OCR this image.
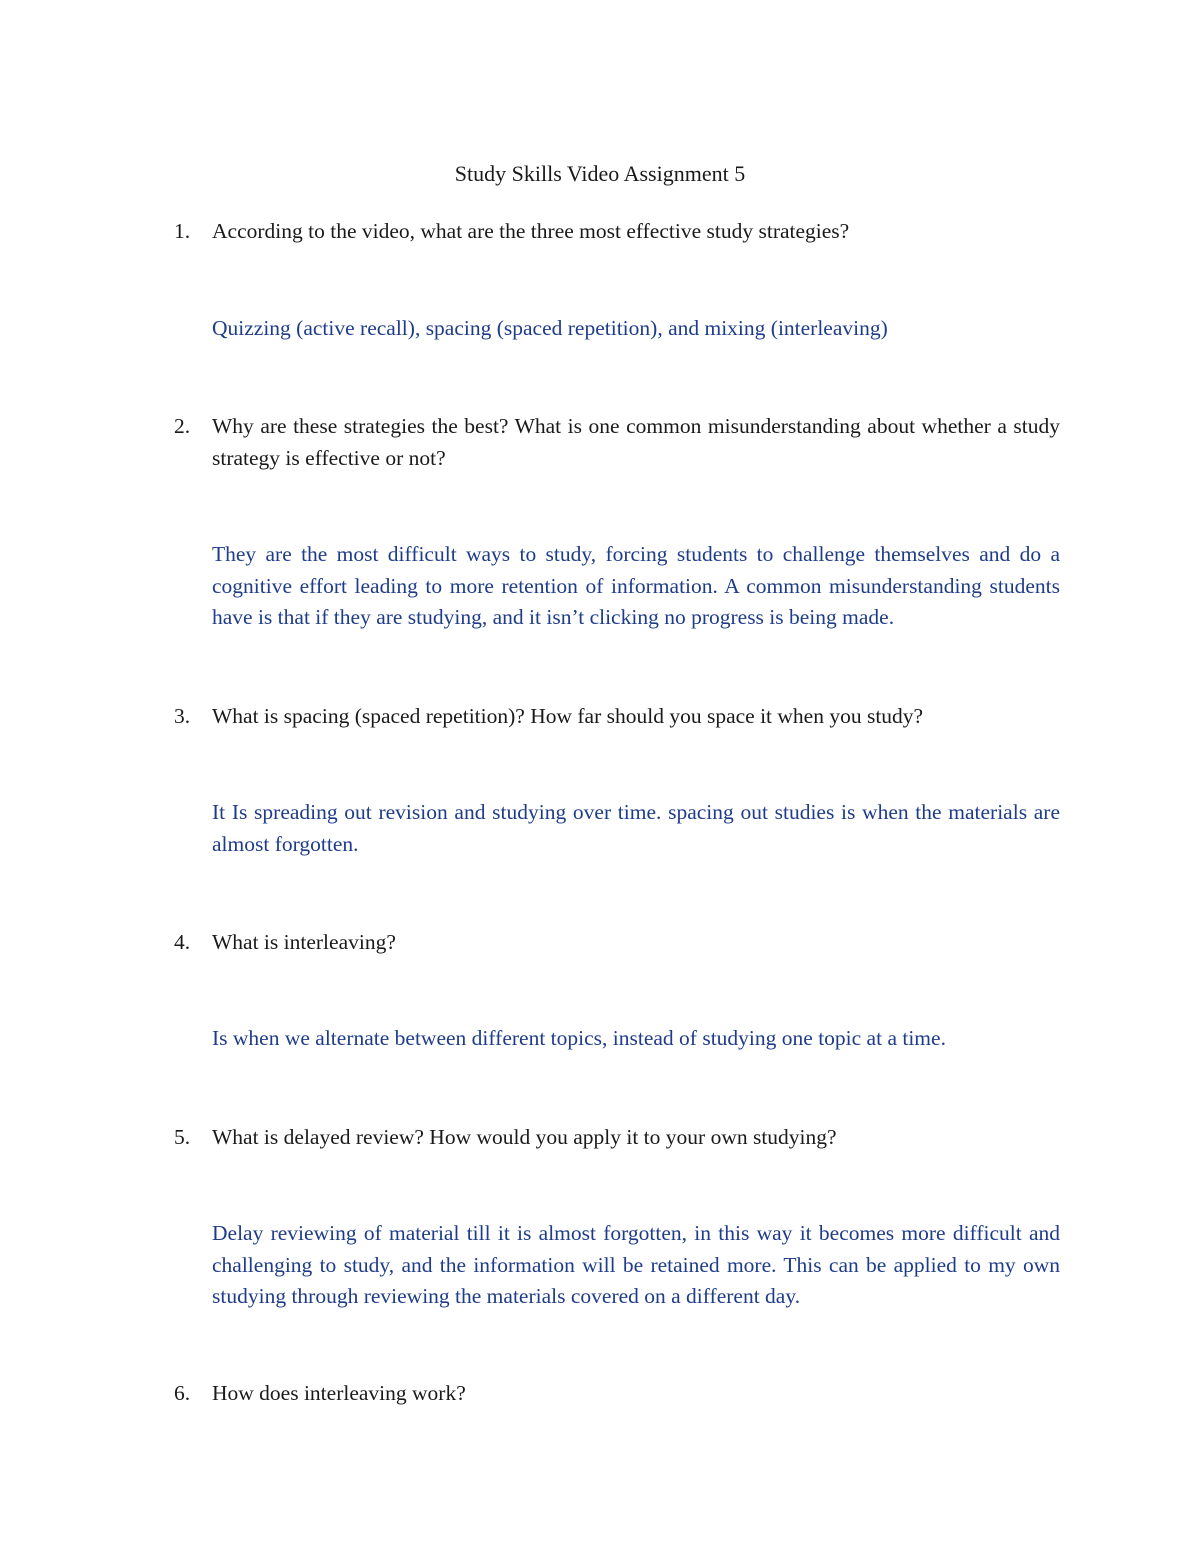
Study Skills Video Assignment 5
1. According to the video, what are the three most effective study strategies?
Quizzing (active recall), spacing (spaced repetition), and mixing (interleaving)
2. Why are these strategies the best? What is one common misunderstanding about whether a study strategy is effective or not?
They are the most difficult ways to study, forcing students to challenge themselves and do a cognitive effort leading to more retention of information. A common misunderstanding students have is that if they are studying, and it isn’t clicking no progress is being made.
3. What is spacing (spaced repetition)? How far should you space it when you study?
It Is spreading out revision and studying over time. spacing out studies is when the materials are almost forgotten.
4. What is interleaving?
Is when we alternate between different topics, instead of studying one topic at a time.
5. What is delayed review? How would you apply it to your own studying?
Delay reviewing of material till it is almost forgotten, in this way it becomes more difficult and challenging to study, and the information will be retained more. This can be applied to my own studying through reviewing the materials covered on a different day.
6. How does interleaving work?
